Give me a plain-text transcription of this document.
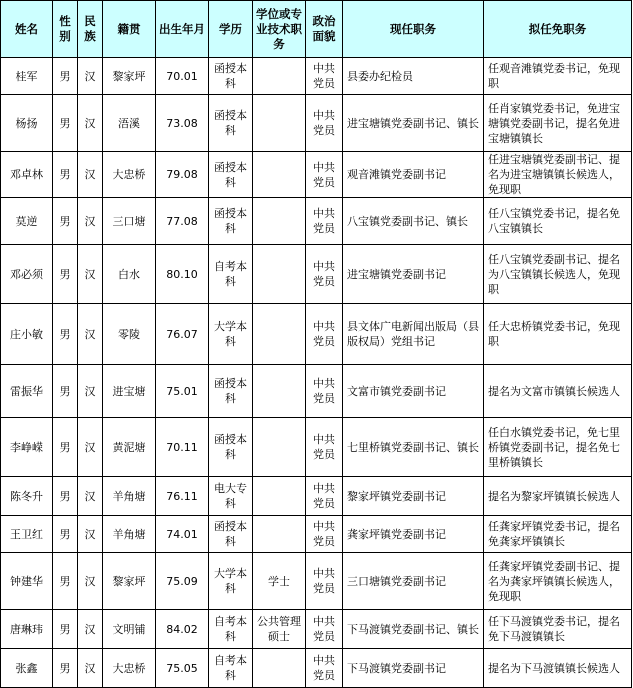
姓名	性别	民族	籍贯	出生年月	学历	学位或专业技术职务	政治面貌	现任职务	拟任免职务
桂军	男	汉	黎家坪	70.01	函授本科		中共党员	县委办纪检员	任观音滩镇党委书记，免现职
杨扬	男	汉	浯溪	73.08	函授本科		中共党员	进宝塘镇党委副书记、镇长	任肖家镇党委书记，免进宝塘镇党委副书记，提名免进宝塘镇镇长
邓卓林	男	汉	大忠桥	79.08	函授本科		中共党员	观音滩镇党委副书记	任进宝塘镇党委副书记、提名为进宝塘镇镇长候选人，免现职
莫逆	男	汉	三口塘	77.08	函授本科		中共党员	八宝镇党委副书记、镇长	任八宝镇党委书记，提名免八宝镇镇长
邓必须	男	汉	白水	80.10	自考本科		中共党员	进宝塘镇党委副书记	任八宝镇党委副书记、提名为八宝镇镇长候选人，免现职
庄小敏	男	汉	零陵	76.07	大学本科		中共党员	县文体广电新闻出版局（县版权局）党组书记	任大忠桥镇党委书记，免现职
雷振华	男	汉	进宝塘	75.01	函授本科		中共党员	文富市镇党委副书记	提名为文富市镇镇长候选人
李峥嵘	男	汉	黄泥塘	70.11	函授本科		中共党员	七里桥镇党委副书记、镇长	任白水镇党委书记，免七里桥镇党委副书记，提名免七里桥镇镇长
陈冬升	男	汉	羊角塘	76.11	电大专科		中共党员	黎家坪镇党委副书记	提名为黎家坪镇镇长候选人
王卫红	男	汉	羊角塘	74.01	函授本科		中共党员	龚家坪镇党委副书记	任龚家坪镇党委书记，提名免龚家坪镇镇长
钟建华	男	汉	黎家坪	75.09	大学本科	学士	中共党员	三口塘镇党委副书记	任龚家坪镇党委副书记、提名为龚家坪镇镇长候选人，免现职
唐琳玮	男	汉	文明铺	84.02	自考本科	公共管理硕士	中共党员	下马渡镇党委副书记、镇长	任下马渡镇党委书记，提名免下马渡镇镇长
张鑫	男	汉	大忠桥	75.05	自考本科		中共党员	下马渡镇党委副书记	提名为下马渡镇镇长候选人
